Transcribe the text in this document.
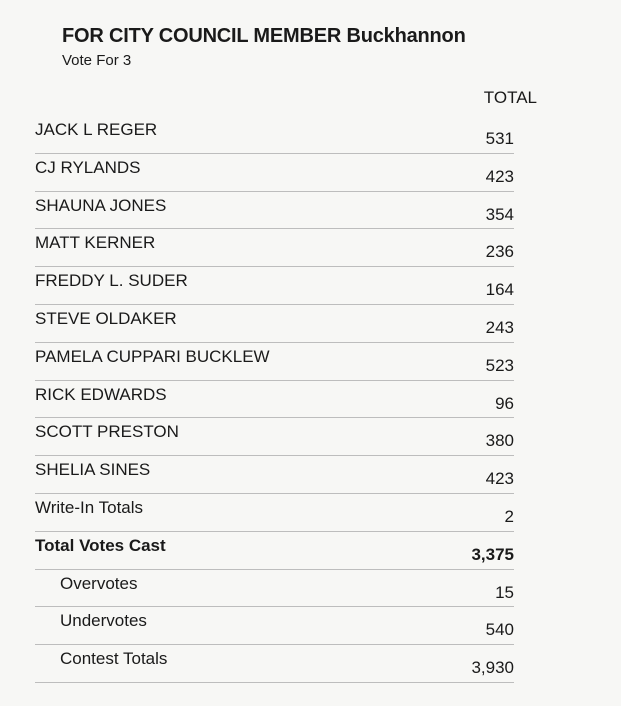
FOR CITY COUNCIL MEMBER Buckhannon
Vote For 3
TOTAL
JACK L REGER	531
CJ RYLANDS	423
SHAUNA JONES	354
MATT KERNER	236
FREDDY L. SUDER	164
STEVE OLDAKER	243
PAMELA CUPPARI BUCKLEW	523
RICK EDWARDS	96
SCOTT PRESTON	380
SHELIA SINES	423
Write-In Totals	2
Total Votes Cast	3,375
Overvotes	15
Undervotes	540
Contest Totals	3,930
